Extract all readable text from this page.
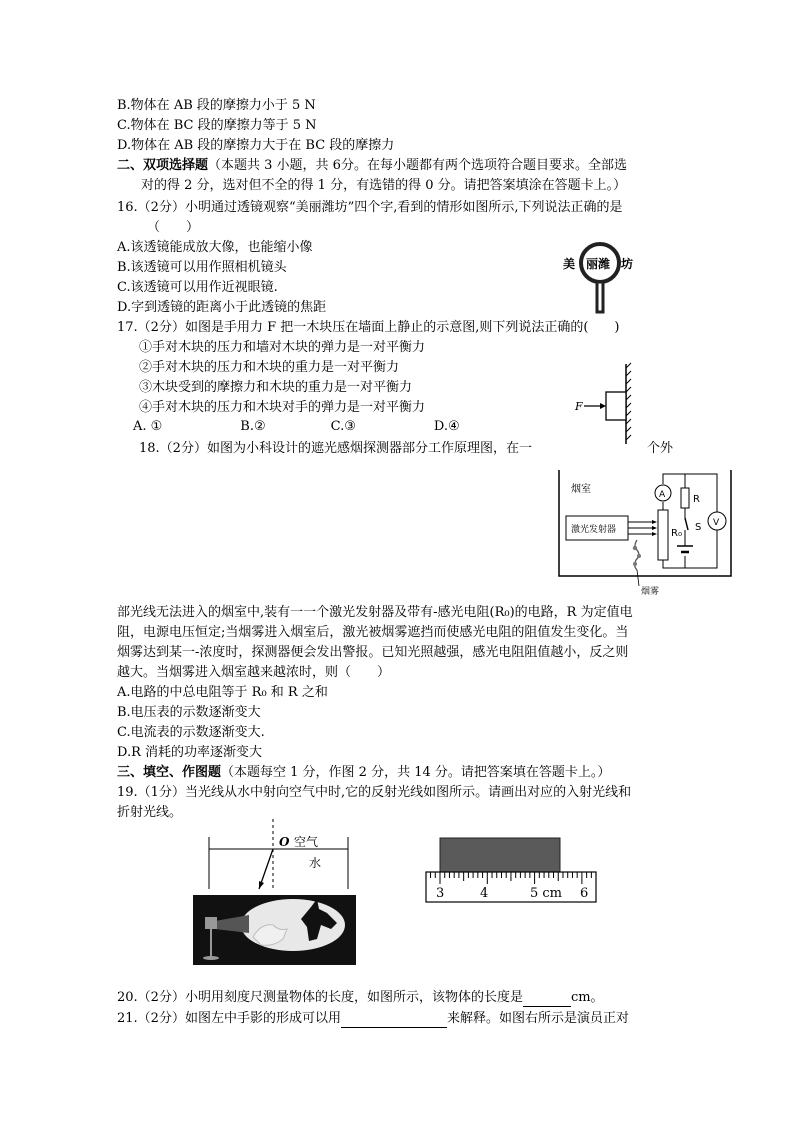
B.物体在 AB 段的摩擦力小于 5 N
C.物体在 BC 段的摩擦力等于 5 N
D.物体在 AB 段的摩擦力大于在 BC 段的摩擦力
二、双项选择题（本题共 3 小题，共 6分。在每小题都有两个选项符合题目要求。全部选
对的得 2 分，选对但不全的得 1 分，有选错的得 0 分。请把答案填涂在答题卡上。）
16.（2分）小明通过透镜观察“美丽潍坊”四个字,看到的情形如图所示,下列说法正确的是
（　　）
A.该透镜能成放大像，也能缩小像
B.该透镜可以用作照相机镜头
C.该透镜可以用作近视眼镜.
D.字到透镜的距离小于此透镜的焦距
17.（2分）如图是手用力 F 把一木块压在墙面上静止的示意图,则下列说法正确的(　　)
①手对木块的压力和墙对木块的弹力是一对平衡力
②手对木块的压力和木块的重力是一对平衡力
③木块受到的摩擦力和木块的重力是一对平衡力
④手对木块的压力和木块对手的弹力是一对平衡力
A. ①　　　　　　B.②　　　　　C.③　　　　　　D.④
18.（2分）如图为小科设计的遮光感烟探测器部分工作原理图，在一	个外
部光线无法进入的烟室中,装有一一个激光发射器及带有-感光电阻(R₀)的电路，R 为定值电
阻，电源电压恒定;当烟雾进入烟室后，激光被烟雾遮挡而使感光电阻的阻值发生变化。当
烟雾达到某一-浓度时，探测器便会发出警报。已知光照越强，感光电阻阻值越小，反之则
越大。当烟雾进入烟室越来越浓时，则（　　）
A.电路的中总电阻等于 R₀ 和 R 之和
B.电压表的示数逐渐变大
C.电流表的示数逐渐变大.
D.R 消耗的功率逐渐变大
三、填空、作图题（本题每空 1 分，作图 2 分，共 14 分。请把答案填在答题卡上。）
19.（1分）当光线从水中射向空气中时,它的反射光线如图所示。请画出对应的入射光线和
折射光线。
20.（2分）小明用刻度尺测量物体的长度，如图所示，该物体的长度是	cm。
21.（2分）如图左中手影的形成可以用	来解释。如图右所示是演员正对
美 丽潍 坊
F
烟室
激光发射器	R₀
A	R
S V
烟雾
O 空气
水
3	4	5 cm 6
